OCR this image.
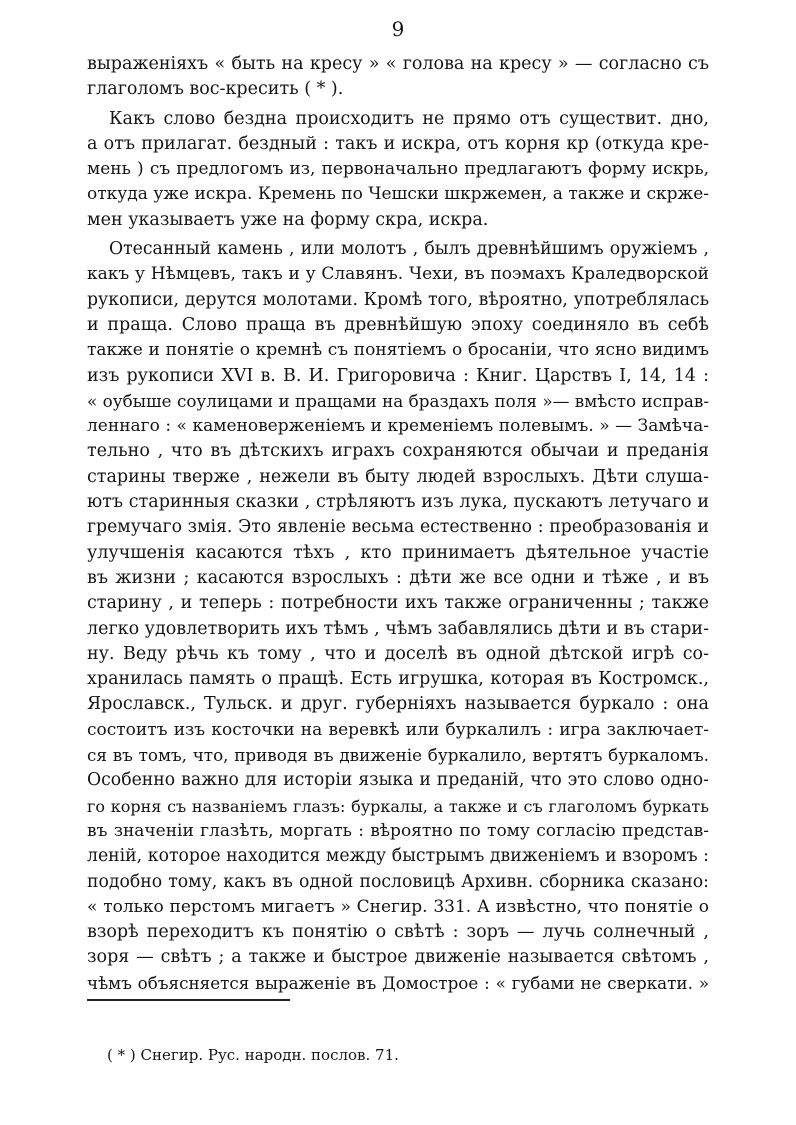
9
выраженіяхъ « быть на кресу » « голова на кресу » — согласно съ
глаголомъ вос-кресить ( * ).
Какъ слово бездна происходитъ не прямо отъ существит. дно,
а отъ прилагат. бездный : такъ и искра, отъ корня кр (откуда кре-
мень ) съ предлогомъ из, первоначально предлагаютъ форму искрь,
откуда уже искра. Кремень по Чешски шкржемен, а также и скрже-
мен указываетъ уже на форму скра, искра.
Отесанный камень , или молотъ , былъ древнѣйшимъ оружіемъ ,
какъ у Нѣмцевъ, такъ и у Славянъ. Чехи, въ поэмахъ Краледворской
рукописи, дерутся молотами. Кромѣ того, вѣроятно, употреблялась
и праща. Слово праща въ древнѣйшую эпоху соединяло въ себѣ
также и понятіе о кремнѣ съ понятіемъ о бросаніи, что ясно видимъ
изъ рукописи XVI в. В. И. Григоровича : Книг. Царствъ I, 14, 14 :
« оубыше соулицами и пращами на браздахъ поля »— вмѣсто исправ-
леннаго : « каменоверженіемъ и кременіемъ полевымъ. » — Замѣча-
тельно , что въ дѣтскихъ играхъ сохраняются обычаи и преданія
старины тверже , нежели въ быту людей взрослыхъ. Дѣти слушa-
ютъ старинныя сказки , стрѣляютъ изъ лука, пускаютъ летучаго и
гремучаго змія. Это явленіе весьма естественно : преобразованія и
улучшенія касаются тѣхъ , кто принимаетъ дѣятельное участіе
въ жизни ; касаются взрослыхъ : дѣти же все одни и тѣже , и въ
старину , и теперь : потребности ихъ также ограниченны ; также
легко удовлетворить ихъ тѣмъ , чѣмъ забавлялись дѣти и въ стари-
ну. Веду рѣчь къ тому , что и доселѣ въ одной дѣтской игрѣ со-
хранилась память о пращѣ. Есть игрушка, которая въ Костромск.,
Ярославск., Тульск. и друг. губерніяхъ называется буркало : она
состоитъ изъ косточки на веревкѣ или буркалилъ : игра заключает-
ся въ томъ, что, приводя въ движеніе буркалило, вертятъ буркаломъ.
Особенно важно для исторіи языка и преданій, что это слово одно-
го корня съ названіемъ глазъ: буркалы, а также и съ глаголомъ буркать
въ значеніи глазѣть, моргать : вѣроятно по тому согласію представ-
леній, которое находится между быстрымъ движеніемъ и взоромъ :
подобно тому, какъ въ одной пословицѣ Архивн. сборника сказано:
« только перстомъ мигаетъ » Снегир. 331. А извѣстно, что понятіе о
взорѣ переходитъ къ понятію о свѣтѣ : зоръ — лучь солнечный ,
зоря — свѣтъ ; а также и быстрое движеніе называется свѣтомъ ,
чѣмъ объясняется выраженіе въ Домострое : « губами не сверкати. »
( * ) Снегир. Рус. народн. послов. 71.
